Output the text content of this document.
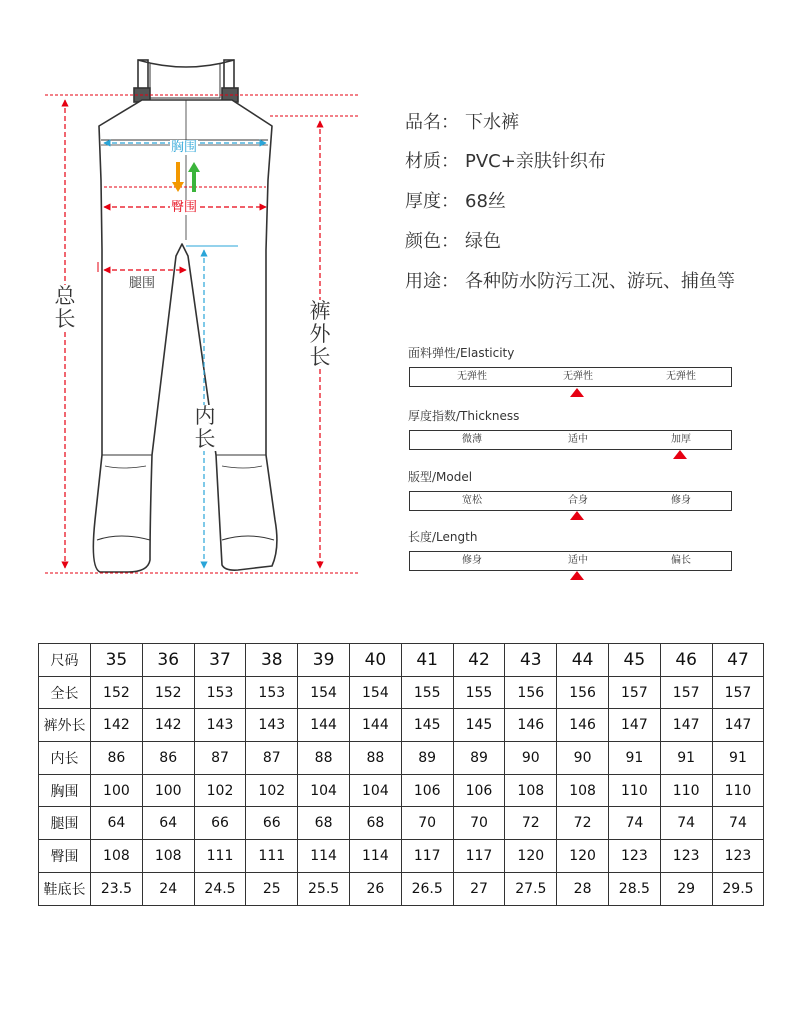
总长	裤外长
内长
胸围
臀围
腿围
品名： 下水裤
材质： PVC+亲肤针织布
厚度： 68丝
颜色： 绿色
用途： 各种防水防污工况、游玩、捕鱼等
面料弹性/Elasticity
无弹性	无弹性	无弹性
厚度指数/Thickness
微薄	适中	加厚
版型/Model
宽松	合身	修身
长度/Length
修身	适中	偏长
尺码	35	36	37	38	39	40	41	42	43	44	45	46	47
全长	152	152	153	153	154	154	155	155	156	156	157	157	157
裤外长	142	142	143	143	144	144	145	145	146	146	147	147	147
内长	86	86	87	87	88	88	89	89	90	90	91	91	91
胸围	100	100	102	102	104	104	106	106	108	108	110	110	110
腿围	64	64	66	66	68	68	70	70	72	72	74	74	74
臀围	108	108	111	111	114	114	117	117	120	120	123	123	123
鞋底长	23.5	24	24.5	25	25.5	26	26.5	27	27.5	28	28.5	29	29.5
